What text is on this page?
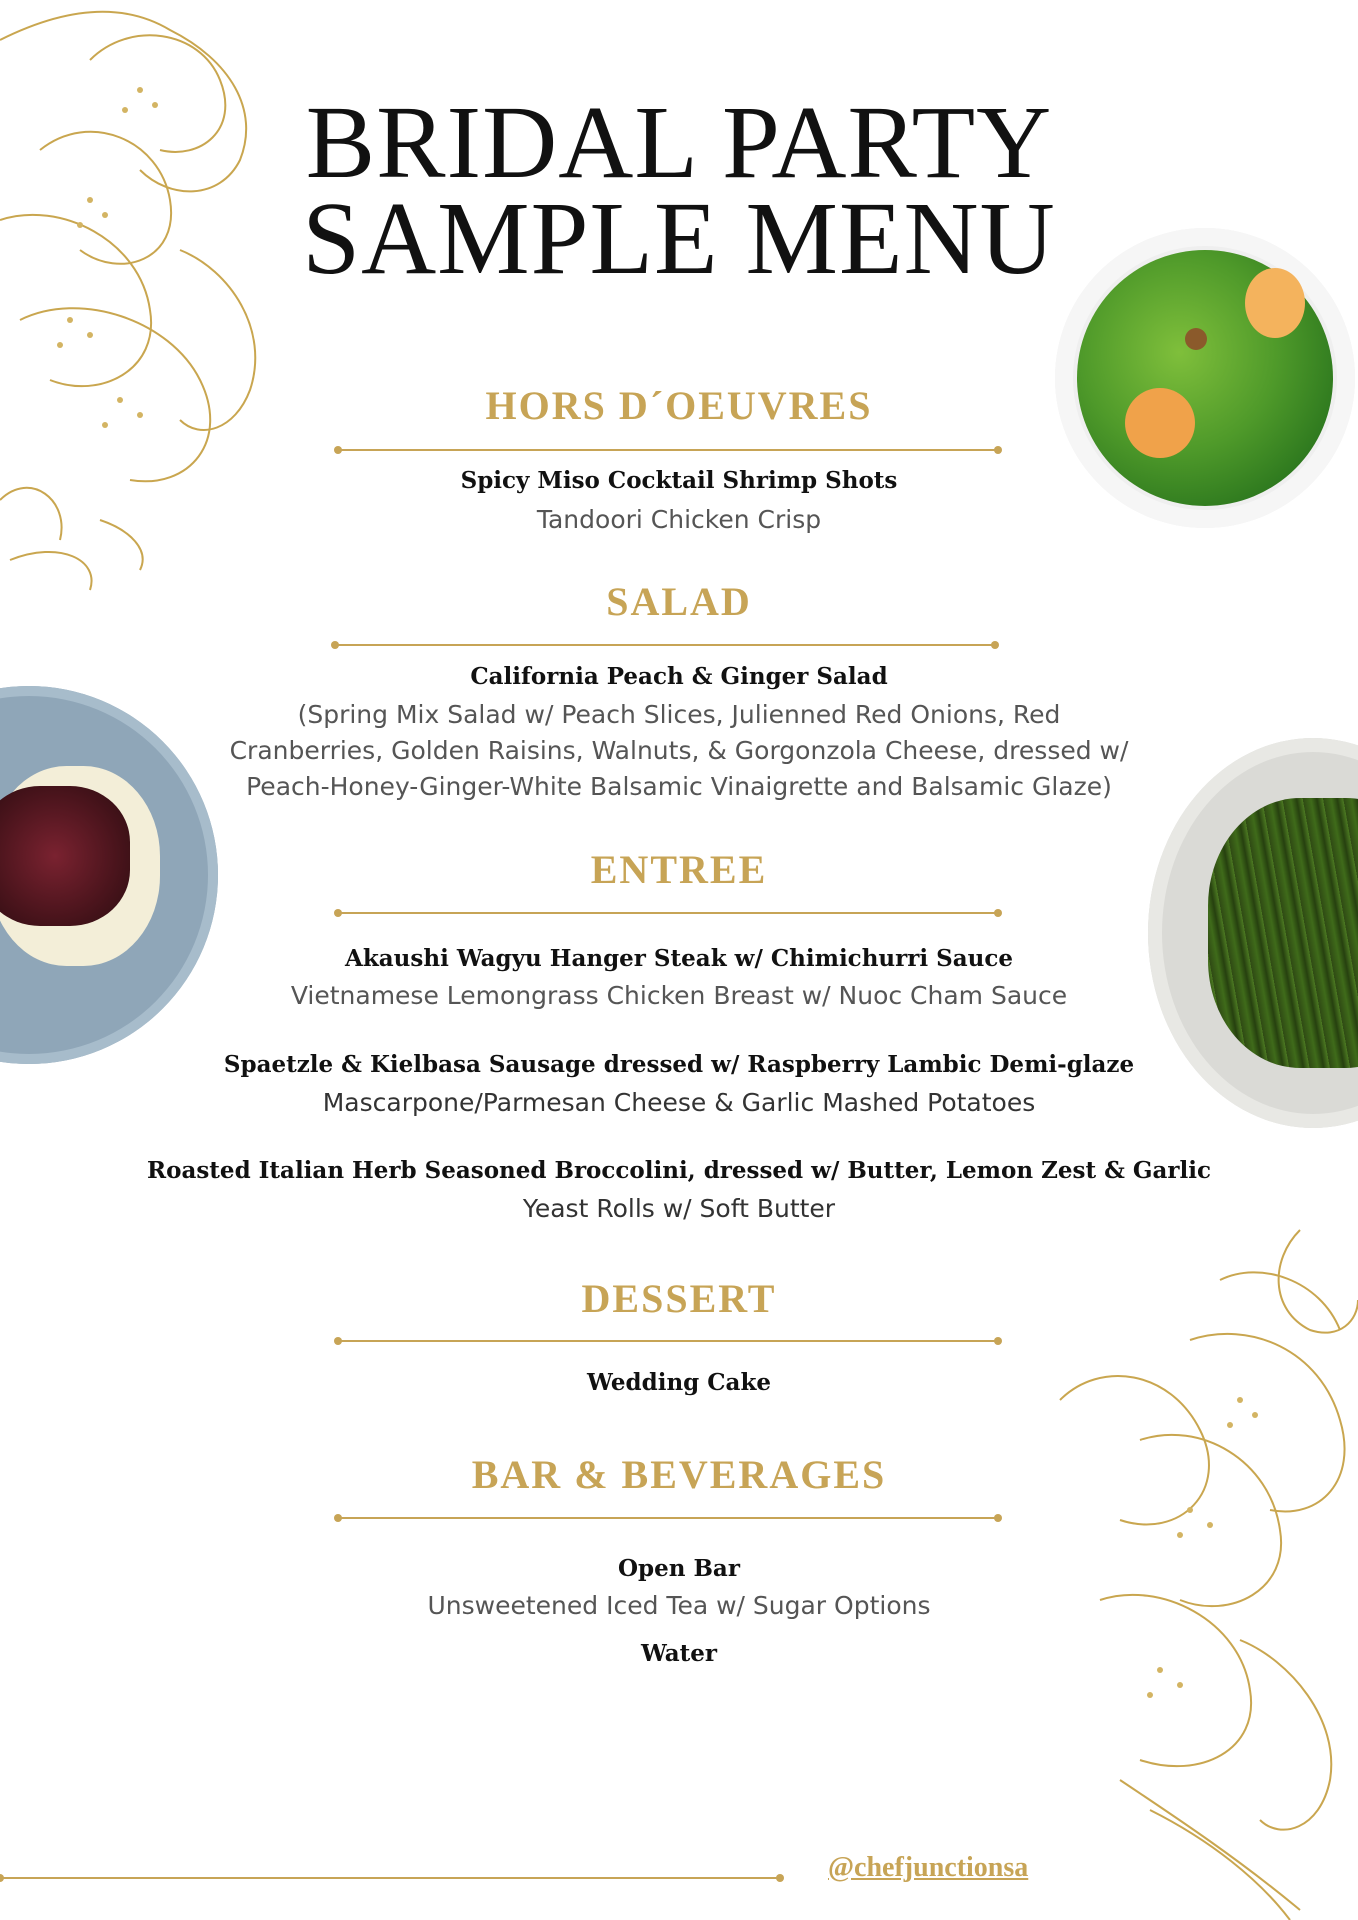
BRIDAL PARTY
SAMPLE MENU
HORS D´OEUVRES
Spicy Miso Cocktail Shrimp Shots
Tandoori Chicken Crisp
SALAD
California Peach & Ginger Salad
(Spring Mix Salad w/ Peach Slices, Julienned Red Onions, Red
Cranberries, Golden Raisins, Walnuts, & Gorgonzola Cheese, dressed w/
Peach-Honey-Ginger-White Balsamic Vinaigrette and Balsamic Glaze)
ENTREE
Akaushi Wagyu Hanger Steak w/ Chimichurri Sauce
Vietnamese Lemongrass Chicken Breast w/ Nuoc Cham Sauce
Spaetzle & Kielbasa Sausage dressed w/ Raspberry Lambic Demi-glaze
Mascarpone/Parmesan Cheese & Garlic Mashed Potatoes
Roasted Italian Herb Seasoned Broccolini, dressed w/ Butter, Lemon Zest & Garlic
Yeast Rolls w/ Soft Butter
DESSERT
Wedding Cake
BAR & BEVERAGES
Open Bar
Unsweetened Iced Tea w/ Sugar Options
Water
@chefjunctionsa
